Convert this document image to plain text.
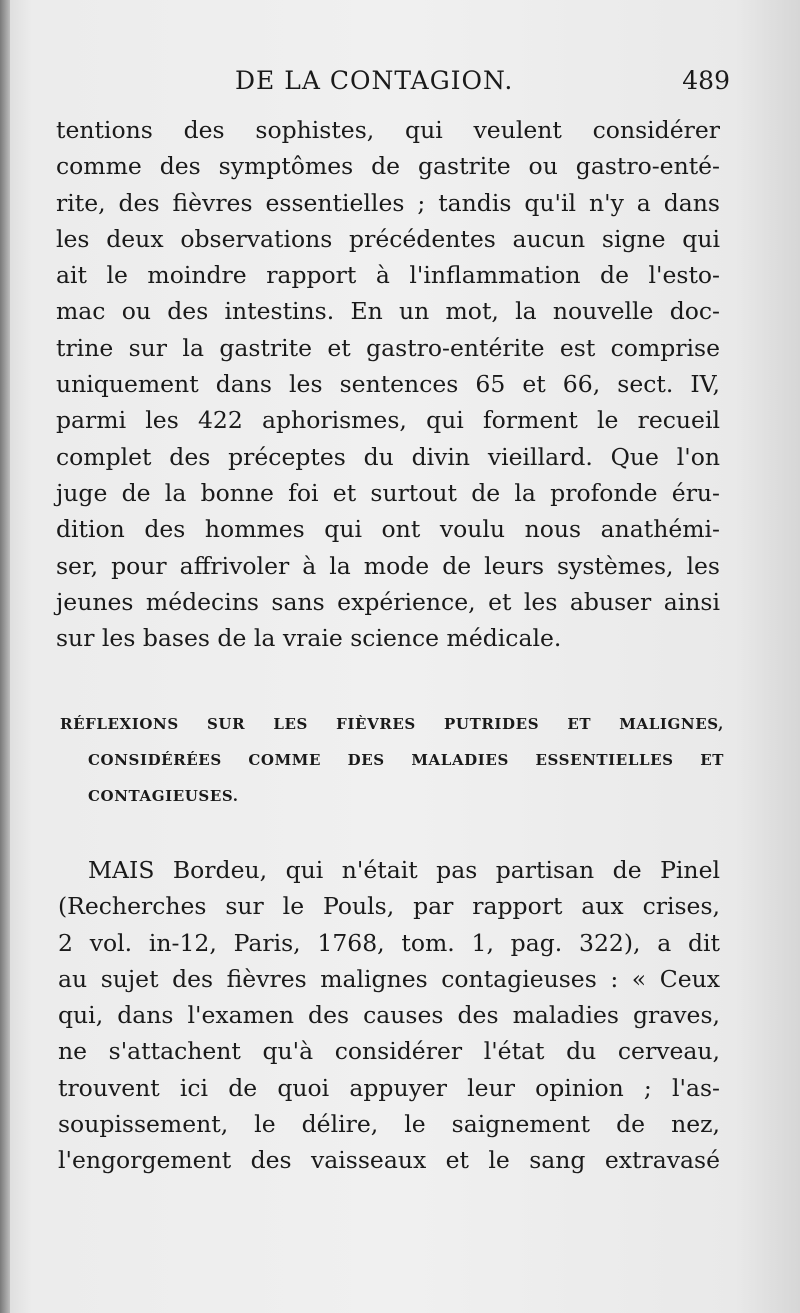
DE LA CONTAGION.	489
tentions des sophistes, qui veulent considérer
comme des symptômes de gastrite ou gastro-enté-
rite, des fièvres essentielles ; tandis qu'il n'y a dans
les deux observations précédentes aucun signe qui
ait le moindre rapport à l'inflammation de l'esto-
mac ou des intestins. En un mot, la nouvelle doc-
trine sur la gastrite et gastro-entérite est comprise
uniquement dans les sentences 65 et 66, sect. IV,
parmi les 422 aphorismes, qui forment le recueil
complet des préceptes du divin vieillard. Que l'on
juge de la bonne foi et surtout de la profonde éru-
dition des hommes qui ont voulu nous anathémi-
ser, pour affrivoler à la mode de leurs systèmes, les
jeunes médecins sans expérience, et les abuser ainsi
sur les bases de la vraie science médicale.
RÉFLEXIONS SUR LES FIÈVRES PUTRIDES ET MALIGNES,
CONSIDÉRÉES COMME DES MALADIES ESSENTIELLES ET
CONTAGIEUSES.
MAIS Bordeu, qui n'était pas partisan de Pinel
(Recherches sur le Pouls, par rapport aux crises,
2 vol. in-12, Paris, 1768, tom. 1, pag. 322), a dit
au sujet des fièvres malignes contagieuses : « Ceux
qui, dans l'examen des causes des maladies graves,
ne s'attachent qu'à considérer l'état du cerveau,
trouvent ici de quoi appuyer leur opinion ; l'as-
soupissement, le délire, le saignement de nez,
l'engorgement des vaisseaux et le sang extravasé
